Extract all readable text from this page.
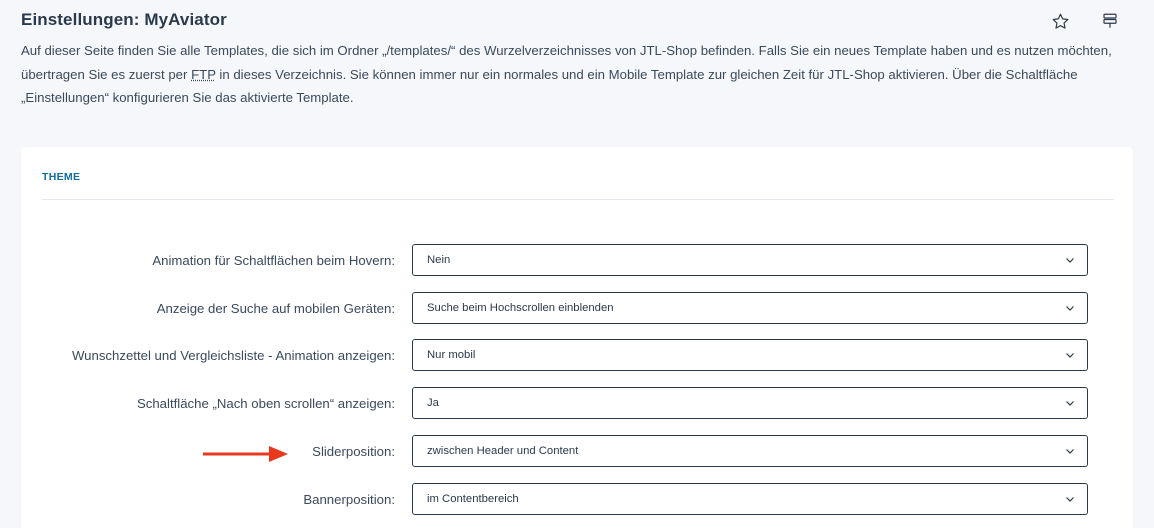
Einstellungen: MyAviator

Auf dieser Seite finden Sie alle Templates, die sich im Ordner „/templates/“ des Wurzelverzeichnisses von JTL-Shop befinden. Falls Sie ein neues Template haben und es nutzen möchten, übertragen Sie es zuerst per FTP in dieses Verzeichnis. Sie können immer nur ein normales und ein Mobile Template zur gleichen Zeit für JTL-Shop aktivieren. Über die Schaltfläche „Einstellungen“ konfigurieren Sie das aktivierte Template.

THEME
Animation für Schaltflächen beim Hovern:	Nein
Anzeige der Suche auf mobilen Geräten:	Suche beim Hochscrollen einblenden
Wunschzettel und Vergleichsliste - Animation anzeigen:	Nur mobil
Schaltfläche „Nach oben scrollen“ anzeigen:	Ja
Sliderposition:	zwischen Header und Content
Bannerposition:	im Contentbereich
